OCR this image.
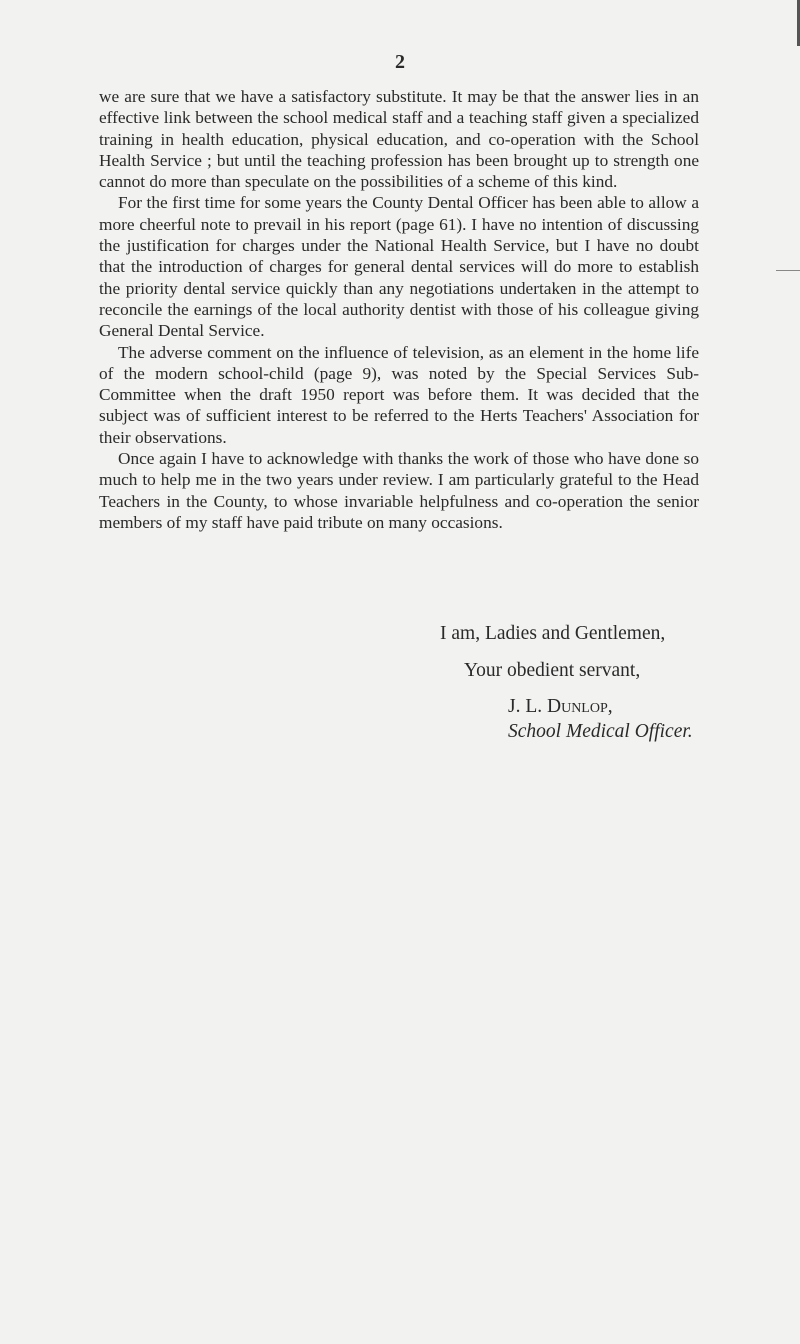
2

we are sure that we have a satisfactory substitute. It may be that the answer lies in an effective link between the school medical staff and a teaching staff given a specialized training in health education, physical education, and co-operation with the School Health Service ; but until the teaching profession has been brought up to strength one cannot do more than speculate on the possibilities of a scheme of this kind.

For the first time for some years the County Dental Officer has been able to allow a more cheerful note to prevail in his report (page 61). I have no intention of discussing the justification for charges under the National Health Service, but I have no doubt that the introduction of charges for general dental services will do more to establish the priority dental service quickly than any negotiations undertaken in the attempt to reconcile the earnings of the local authority dentist with those of his colleague giving General Dental Service.

The adverse comment on the influence of television, as an element in the home life of the modern school-child (page 9), was noted by the Special Services Sub-Committee when the draft 1950 report was before them. It was decided that the subject was of sufficient interest to be referred to the Herts Teachers' Association for their observations.

Once again I have to acknowledge with thanks the work of those who have done so much to help me in the two years under review. I am particularly grateful to the Head Teachers in the County, to whose invariable helpfulness and co-operation the senior members of my staff have paid tribute on many occasions.

I am, Ladies and Gentlemen,
Your obedient servant,
J. L. Dunlop,
School Medical Officer.
